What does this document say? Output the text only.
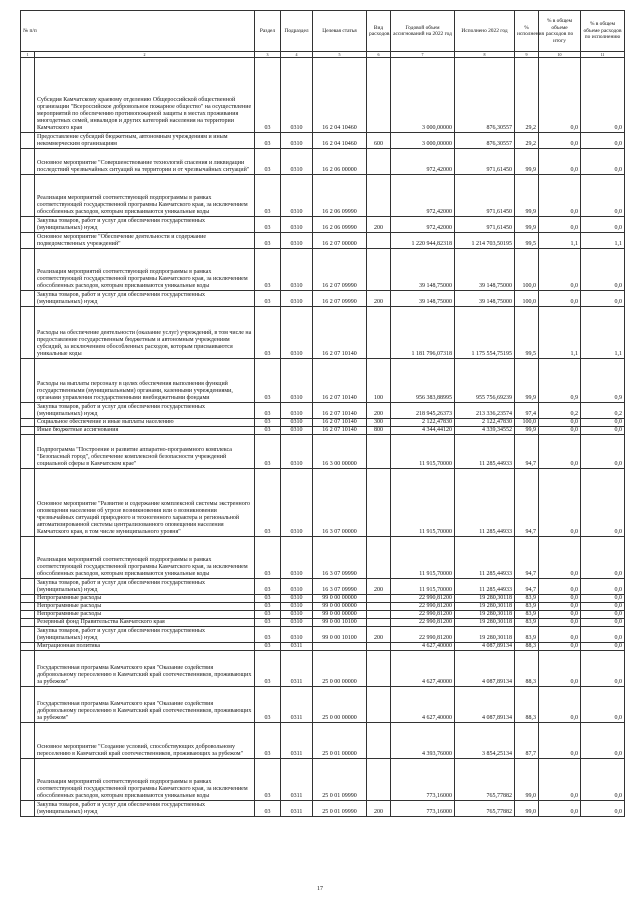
№ п/п		Раздел	Подраздел	Целевая статья	Вид расходов	Годовой объем ассигнований на 2022 год	Исполнено 2022 год	% исполнения	% в общем объеме расходов по итогу	% в общем объеме расходов по исполнению
1	2	3	4	5	6	7	8	9	10	11
	Субсидия Камчатскому краевому отделению Общероссийской общественной организации "Всероссийское добровольное пожарное общество" на осуществление мероприятий по обеспечению противопожарной защиты в местах проживания многодетных семей, инвалидов и других категорий населения на территории Камчатского края	03	0310	16 2 04 10460		3 000,00000	876,30557	29,2	0,0	0,0
	Предоставление субсидий бюджетным, автономным учреждениям и иным некоммерческим организациям	03	0310	16 2 04 10460	600	3 000,00000	876,30557	29,2	0,0	0,0
	Основное мероприятие "Совершенствование технологий спасения и ликвидации последствий чрезвычайных ситуаций на территории и от чрезвычайных ситуаций"	03	0310	16 2 06 00000		972,42000	971,61450	99,9	0,0	0,0
	Реализация мероприятий соответствующей подпрограммы в рамках соответствующей государственной программы Камчатского края, за исключением обособленных расходов, которым присваиваются уникальные коды	03	0310	16 2 06 09990		972,42000	971,61450	99,9	0,0	0,0
	Закупка товаров, работ и услуг для обеспечения государственных (муниципальных) нужд	03	0310	16 2 06 09990	200	972,42000	971,61450	99,9	0,0	0,0
	Основное мероприятие "Обеспечение деятельности и содержание подведомственных учреждений"	03	0310	16 2 07 00000		1 220 944,82318	1 214 703,50195	99,5	1,1	1,1
	Реализация мероприятий соответствующей подпрограммы в рамках соответствующей государственной программы Камчатского края, за исключением обособленных расходов, которым присваиваются уникальные коды	03	0310	16 2 07 09990		39 148,75000	39 148,75000	100,0	0,0	0,0
	Закупка товаров, работ и услуг для обеспечения государственных (муниципальных) нужд	03	0310	16 2 07 09990	200	39 148,75000	39 148,75000	100,0	0,0	0,0
	Расходы на обеспечение деятельности (оказание услуг) учреждений, в том числе на предоставление государственным бюджетным и автономным учреждениям субсидий, за исключением обособленных расходов, которым присваиваются уникальные коды	03	0310	16 2 07 10140		1 181 796,07318	1 175 554,75195	99,5	1,1	1,1
	Расходы на выплаты персоналу в целях обеспечения выполнения функций государственными (муниципальными) органами, казенными учреждениями, органами управления государственными внебюджетными фондами	03	0310	16 2 07 10140	100	956 383,88995	955 756,69239	99,9	0,9	0,9
	Закупка товаров, работ и услуг для обеспечения государственных (муниципальных) нужд	03	0310	16 2 07 10140	200	218 945,26373	213 336,23574	97,4	0,2	0,2
	Социальное обеспечение и иные выплаты населению	03	0310	16 2 07 10140	300	2 122,47830	2 122,47830	100,0	0,0	0,0
	Иные бюджетные ассигнования	03	0310	16 2 07 10140	800	4 344,44120	4 339,34552	99,9	0,0	0,0
	Подпрограмма "Построение и развитие аппаратно-программного комплекса "Безопасный город", обеспечение комплексной безопасности учреждений социальной сферы в Камчатском крае"	03	0310	16 3 00 00000		11 915,70000	11 285,44933	94,7	0,0	0,0
	Основное мероприятие "Развитие и содержание комплексной системы экстренного оповещения населения об угрозе возникновения или о возникновении чрезвычайных ситуаций природного и техногенного характера и региональной автоматизированной системы централизованного оповещения населения Камчатского края, в том числе муниципального уровня"	03	0310	16 3 07 00000		11 915,70000	11 285,44933	94,7	0,0	0,0
	Реализация мероприятий соответствующей подпрограммы в рамках соответствующей государственной программы Камчатского края, за исключением обособленных расходов, которым присваиваются уникальные коды	03	0310	16 3 07 09990		11 915,70000	11 285,44933	94,7	0,0	0,0
	Закупка товаров, работ и услуг для обеспечения государственных (муниципальных) нужд	03	0310	16 3 07 09990	200	11 915,70000	11 285,44933	94,7	0,0	0,0
	Непрограммные расходы	03	0310	99 0 00 00000		22 990,81200	19 280,30118	83,9	0,0	0,0
	Непрограммные расходы	03	0310	99 0 00 00000		22 990,81200	19 280,30118	83,9	0,0	0,0
	Непрограммные расходы	03	0310	99 0 00 00000		22 990,81200	19 280,30118	83,9	0,0	0,0
	Резервный фонд Правительства Камчатского края	03	0310	99 0 00 10100		22 990,81200	19 280,30118	83,9	0,0	0,0
	Закупка товаров, работ и услуг для обеспечения государственных (муниципальных) нужд	03	0310	99 0 00 10100	200	22 990,81200	19 280,30118	83,9	0,0	0,0
	Миграционная политика	03	0311			4 627,40000	4 087,89134	88,3	0,0	0,0
	Государственная программа Камчатского края "Оказание содействия добровольному переселению в Камчатский край соотечественников, проживающих за рубежом"	03	0311	25 0 00 00000		4 627,40000	4 087,89134	88,3	0,0	0,0
	Государственная программа Камчатского края "Оказание содействия добровольному переселению в Камчатский край соотечественников, проживающих за рубежом"	03	0311	25 0 00 00000		4 627,40000	4 087,89134	88,3	0,0	0,0
	Основное мероприятие "Создание условий, способствующих добровольному переселению в Камчатский край соотечественников, проживающих за рубежом"	03	0311	25 0 01 00000		4 393,76000	3 854,25134	87,7	0,0	0,0
	Реализация мероприятий соответствующей подпрограммы в рамках соответствующей государственной программы Камчатского края, за исключением обособленных расходов, которым присваиваются уникальные коды	03	0311	25 0 01 09990		773,16000	765,77882	99,0	0,0	0,0
	Закупка товаров, работ и услуг для обеспечения государственных (муниципальных) нужд	03	0311	25 0 01 09990	200	773,16000	765,77882	99,0	0,0	0,0
17
